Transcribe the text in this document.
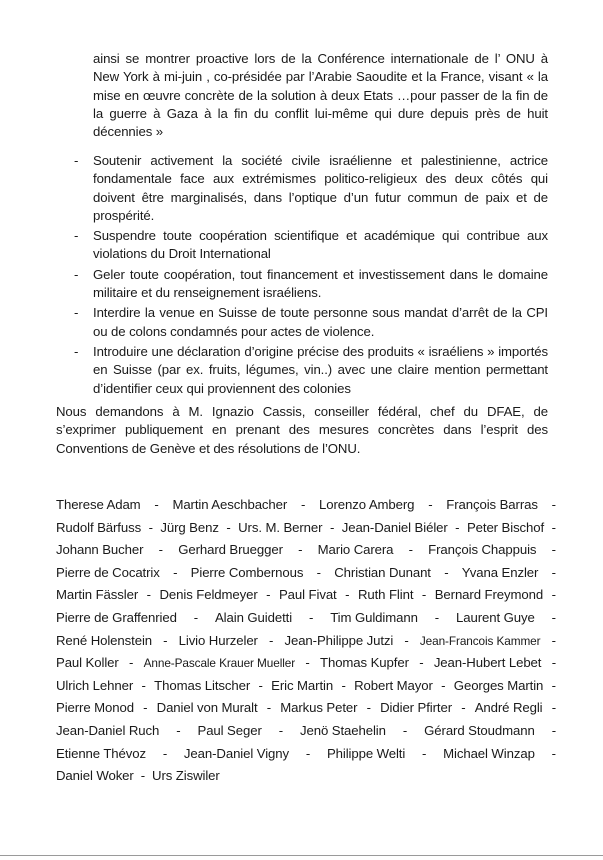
ainsi se montrer proactive lors de la Conférence internationale de l’ ONU à New York à mi-juin , co-présidée par l’Arabie Saoudite et la France, visant « la mise en œuvre concrète de la solution à deux Etats …pour passer de la fin de la guerre à Gaza à la fin du conflit lui-même qui dure depuis près de huit décennies »

- Soutenir activement la société civile israélienne et palestinienne, actrice fondamentale face aux extrémismes politico-religieux des deux côtés qui doivent être marginalisés, dans l’optique d’un futur commun de paix et de prospérité.
- Suspendre toute coopération scientifique et académique qui contribue aux violations du Droit International
- Geler toute coopération, tout financement et investissement dans le domaine militaire et du renseignement israéliens.
- Interdire la venue en Suisse de toute personne sous mandat d’arrêt de la CPI ou de colons condamnés pour actes de violence.
- Introduire une déclaration d’origine précise des produits « israéliens » importés en Suisse (par ex. fruits, légumes, vin..) avec une claire mention permettant d’identifier ceux qui proviennent des colonies

Nous demandons à M. Ignazio Cassis, conseiller fédéral, chef du DFAE, de s’exprimer publiquement en prenant des mesures concrètes dans l’esprit des Conventions de Genève et des résolutions de l’ONU.

Therese Adam - Martin Aeschbacher - Lorenzo Amberg - François Barras -
Rudolf Bärfuss - Jürg Benz - Urs. M. Berner - Jean-Daniel Biéler - Peter Bischof -
Johann Bucher - Gerhard Bruegger - Mario Carera - François Chappuis -
Pierre de Cocatrix - Pierre Combernous - Christian Dunant - Yvana Enzler -
Martin Fässler - Denis Feldmeyer - Paul Fivat - Ruth Flint - Bernard Freymond -
Pierre de Graffenried - Alain Guidetti - Tim Guldimann - Laurent Guye -
René Holenstein - Livio Hurzeler - Jean-Philippe Jutzi - Jean-Francois Kammer -
Paul Koller - Anne-Pascale Krauer Mueller - Thomas Kupfer - Jean-Hubert Lebet -
Ulrich Lehner - Thomas Litscher - Eric Martin - Robert Mayor - Georges Martin -
Pierre Monod - Daniel von Muralt - Markus Peter - Didier Pfirter - André Regli -
Jean-Daniel Ruch - Paul Seger - Jenö Staehelin - Gérard Stoudmann -
Etienne Thévoz - Jean-Daniel Vigny - Philippe Welti - Michael Winzap -
Daniel Woker - Urs Ziswiler
